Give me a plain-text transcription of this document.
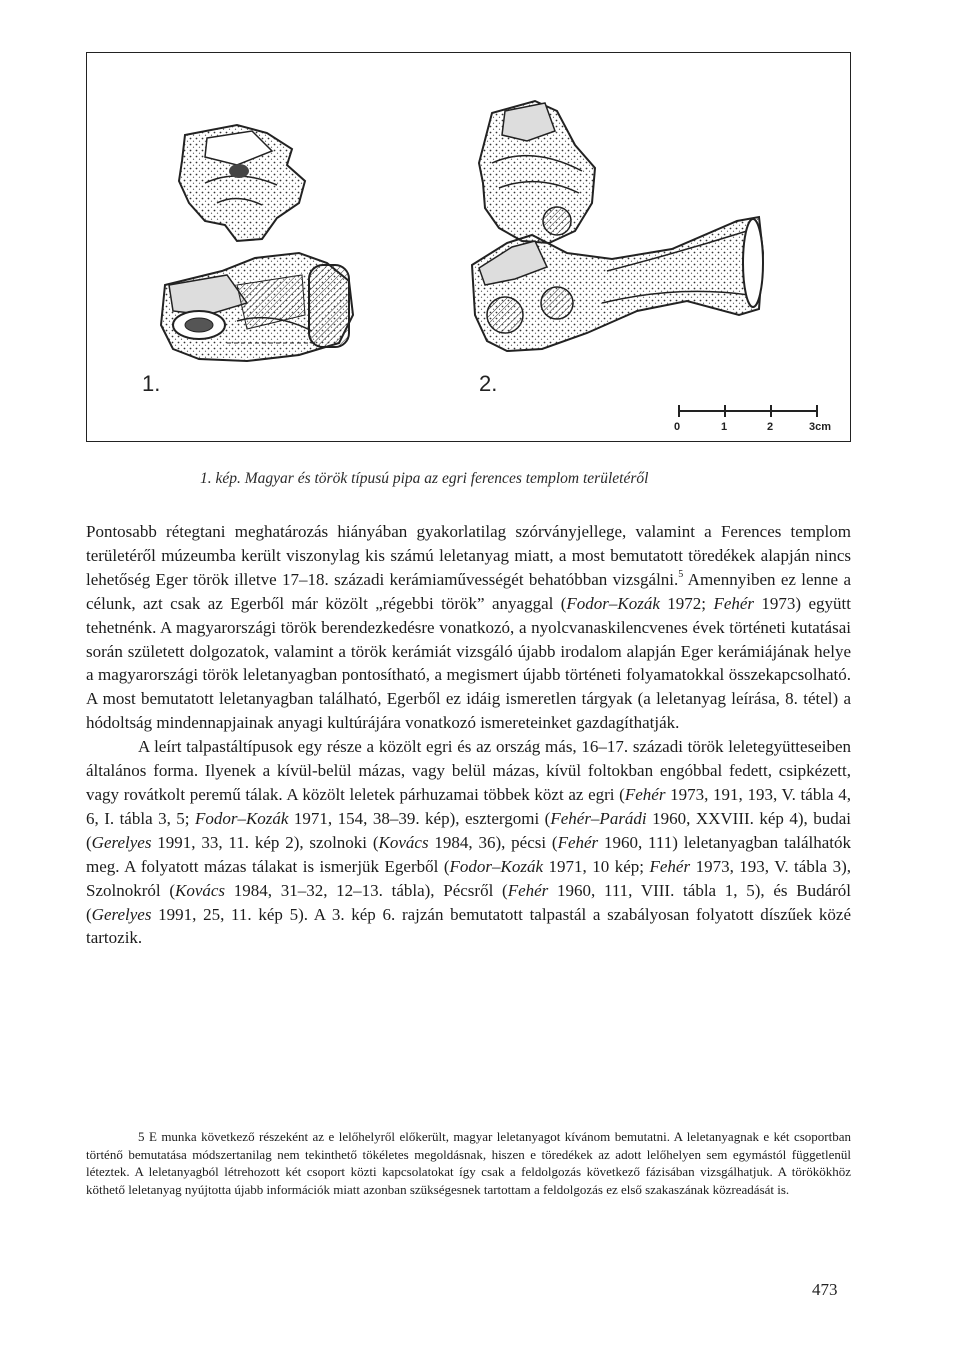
1.	2.
0	1	2	3cm
1. kép. Magyar és török típusú pipa az egri ferences templom területéről

Pontosabb rétegtani meghatározás hiányában gyakorlatilag szórványjellege, valamint a Ferences templom területéről múzeumba került viszonylag kis számú leletanyag miatt, a most bemutatott töredékek alapján nincs lehetőség Eger török illetve 17–18. századi kerámiaművességét behatóbban vizsgálni.$^5$ Amennyiben ez lenne a célunk, azt csak az Egerből már közölt „régebbi török” anyaggal (Fodor–Kozák 1972; Fehér 1973) együtt tehetnénk. A magyarországi török berendezkedésre vonatkozó, a nyolcvanaskilencvenes évek történeti kutatásai során született dolgozatok, valamint a török kerámiát vizsgáló újabb irodalom alapján Eger kerámiájának helye a magyarországi török leletanyagban pontosítható, a megismert újabb történeti folyamatokkal összekapcsolható. A most bemutatott leletanyagban található, Egerből ez idáig ismeretlen tárgyak (a leletanyag leírása, 8. tétel) a hódoltság mindennapjainak anyagi kultúrájára vonatkozó ismereteinket gazdagíthatják.

A leírt talpastáltípusok egy része a közölt egri és az ország más, 16–17. századi török leletegyütteseiben általános forma. Ilyenek a kívül-belül mázas, vagy belül mázas, kívül foltokban engóbbal fedett, csipkézett, vagy rovátkolt peremű tálak. A közölt leletek párhuzamai többek közt az egri (Fehér 1973, 191, 193, V. tábla 4, 6, I. tábla 3, 5; Fodor–Kozák 1971, 154, 38–39. kép), esztergomi (Fehér–Parádi 1960, XXVIII. kép 4), budai (Gerelyes 1991, 33, 11. kép 2), szolnoki (Kovács 1984, 36), pécsi (Fehér 1960, 111) leletanyagban találhatók meg. A folyatott mázas tálakat is ismerjük Egerből (Fodor–Kozák 1971, 10 kép; Fehér 1973, 193, V. tábla 3), Szolnokról (Kovács 1984, 31–32, 12–13. tábla), Pécsről (Fehér 1960, 111, VIII. tábla 1, 5), és Budáról (Gerelyes 1991, 25, 11. kép 5). A 3. kép 6. rajzán bemutatott talpastál a szabályosan folyatott díszűek közé tartozik.

5 E munka következő részeként az e lelőhelyről előkerült, magyar leletanyagot kívánom bemutatni. A leletanyagnak e két csoportban történő bemutatása módszertanilag nem tekinthető tökéletes megoldásnak, hiszen e töredékek az adott lelőhelyen sem egymástól függetlenül léteztek. A leletanyagból létrehozott két csoport közti kapcsolatokat így csak a feldolgozás következő fázisában vizsgálhatjuk. A törökökhöz köthető leletanyag nyújtotta újabb információk miatt azonban szükségesnek tartottam a feldolgozás ez első szakaszának közreadását is.

473
